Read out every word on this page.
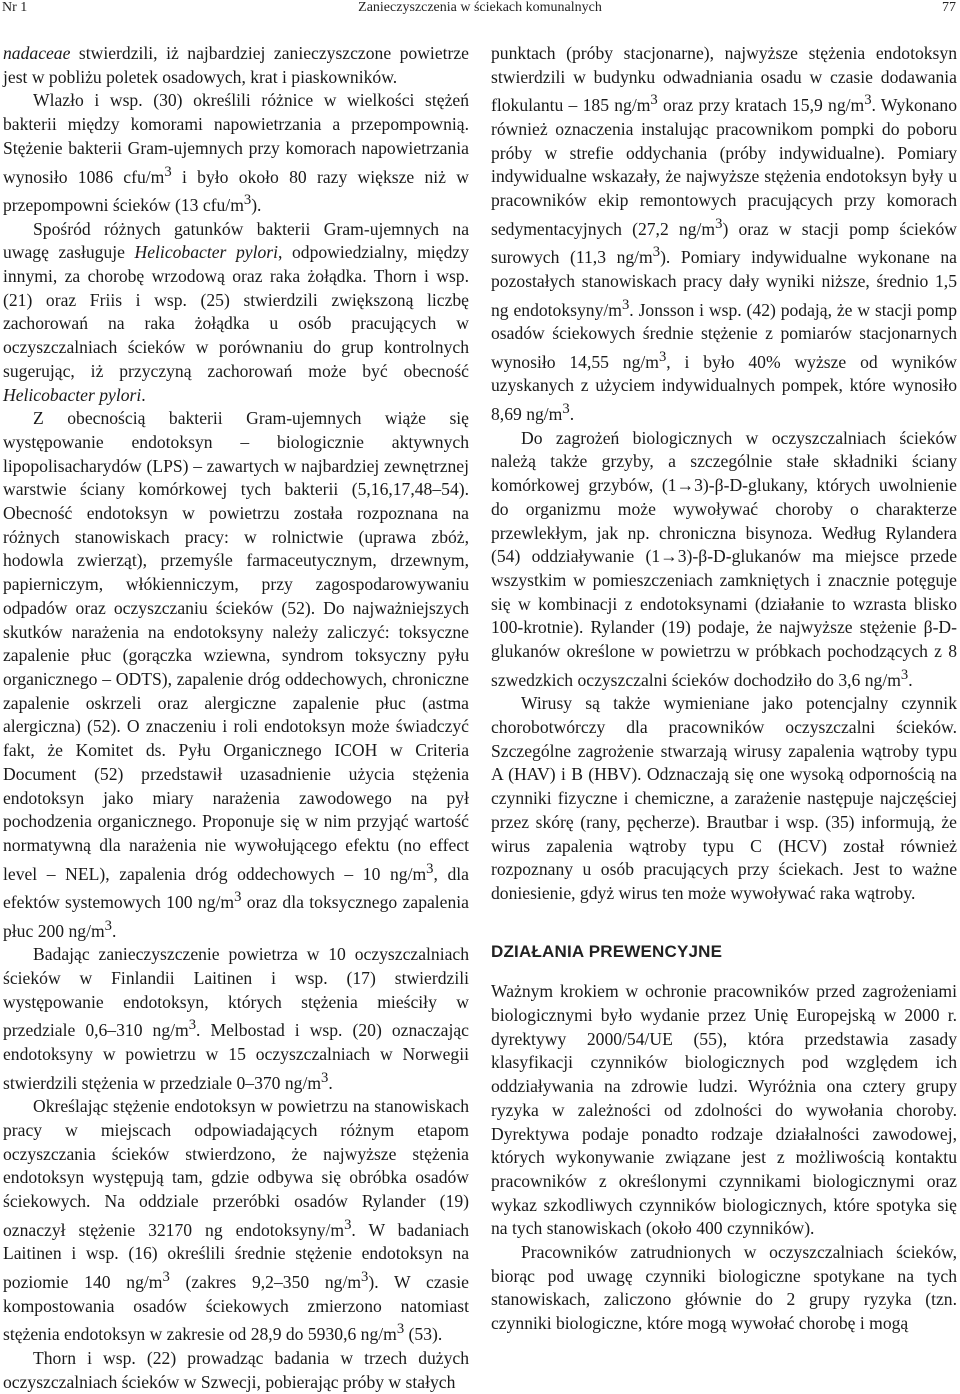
Nr 1	Zanieczyszczenia w ściekach komunalnych	77

nadaceae stwierdzili, iż najbardziej zanieczyszczone powietrze jest w pobliżu poletek osadowych, krat i piaskowników.

Wlazło i wsp. (30) określili różnice w wielkości stężeń bakterii między komorami napowietrzania a przepompownią. Stężenie bakterii Gram-ujemnych przy komorach napowietrzania wynosiło 1086 cfu/$m^3$ i było około 80 razy większe niż w przepompowni ścieków (13 cfu/$m^3$).

Spośród różnych gatunków bakterii Gram-ujemnych na uwagę zasługuje Helicobacter pylori, odpowiedzialny, między innymi, za chorobę wrzodową oraz raka żołądka. Thorn i wsp. (21) oraz Friis i wsp. (25) stwierdzili zwiększoną liczbę zachorowań na raka żołądka u osób pracujących w oczyszczalniach ścieków w porównaniu do grup kontrolnych sugerując, iż przyczyną zachorowań może być obecność Helicobacter pylori.

Z obecnością bakterii Gram-ujemnych wiąże się występowanie endotoksyn – biologicznie aktywnych lipopolisacharydów (LPS) – zawartych w najbardziej zewnętrznej warstwie ściany komórkowej tych bakterii (5,16,17,48–54). Obecność endotoksyn w powietrzu została rozpoznana na różnych stanowiskach pracy: w rolnictwie (uprawa zbóż, hodowla zwierząt), przemyśle farmaceutycznym, drzewnym, papierniczym, włókienniczym, przy zagospodarowywaniu odpadów oraz oczyszczaniu ścieków (52). Do najważniejszych skutków narażenia na endotoksyny należy zaliczyć: toksyczne zapalenie płuc (gorączka wziewna, syndrom toksyczny pyłu organicznego – ODTS), zapalenie dróg oddechowych, chroniczne zapalenie oskrzeli oraz alergiczne zapalenie płuc (astma alergiczna) (52). O znaczeniu i roli endotoksyn może świadczyć fakt, że Komitet ds. Pyłu Organicznego ICOH w Criteria Document (52) przedstawił uzasadnienie użycia stężenia endotoksyn jako miary narażenia zawodowego na pył pochodzenia organicznego. Proponuje się w nim przyjąć wartość normatywną dla narażenia nie wywołującego efektu (no effect level – NEL), zapalenia dróg oddechowych – 10 $ng/m^3$, dla efektów systemowych 100 $ng/m^3$ oraz dla toksycznego zapalenia płuc 200 $ng/m^3$.

Badając zanieczyszczenie powietrza w 10 oczyszczalniach ścieków w Finlandii Laitinen i wsp. (17) stwierdzili występowanie endotoksyn, których stężenia mieściły w przedziale 0,6–310 $ng/m^3$. Melbostad i wsp. (20) oznaczając endotoksyny w powietrzu w 15 oczyszczalniach w Norwegii stwierdzili stężenia w przedziale 0–370 $ng/m^3$.

Określając stężenie endotoksyn w powietrzu na stanowiskach pracy w miejscach odpowiadających różnym etapom oczyszczania ścieków stwierdzono, że najwyższe stężenia endotoksyn występują tam, gdzie odbywa się obróbka osadów ściekowych. Na oddziale przeróbki osadów Rylander (19) oznaczył stężenie 32170 ng endotoksyny/$m^3$. W badaniach Laitinen i wsp. (16) określili średnie stężenie endotoksyn na poziomie 140 $ng/m^3$ (zakres 9,2–350 $ng/m^3$). W czasie kompostowania osadów ściekowych zmierzono natomiast stężenia endotoksyn w zakresie od 28,9 do 5930,6 $ng/m^3$ (53).

Thorn i wsp. (22) prowadząc badania w trzech dużych oczyszczalniach ścieków w Szwecji, pobierając próby w stałych

punktach (próby stacjonarne), najwyższe stężenia endotoksyn stwierdzili w budynku odwadniania osadu w czasie dodawania flokulantu – 185 $ng/m^3$ oraz przy kratach 15,9 $ng/m^3$. Wykonano również oznaczenia instalując pracownikom pompki do poboru próby w strefie oddychania (próby indywidualne). Pomiary indywidualne wskazały, że najwyższe stężenia endotoksyn były u pracowników ekip remontowych pracujących przy komorach sedymentacyjnych (27,2 $ng/m^3$) oraz w stacji pomp ścieków surowych (11,3 $ng/m^3$). Pomiary indywidualne wykonane na pozostałych stanowiskach pracy dały wyniki niższe, średnio 1,5 ng endotoksyny/$m^3$. Jonsson i wsp. (42) podają, że w stacji pomp osadów ściekowych średnie stężenie z pomiarów stacjonarnych wynosiło 14,55 $ng/m^3$, i było 40% wyższe od wyników uzyskanych z użyciem indywidualnych pompek, które wynosiło 8,69 $ng/m^3$.

Do zagrożeń biologicznych w oczyszczalniach ścieków należą także grzyby, a szczególnie stałe składniki ściany komórkowej grzybów, (1→3)-β-D-glukany, których uwolnienie do organizmu może wywoływać choroby o charakterze przewlekłym, jak np. chroniczna bisynoza. Według Rylandera (54) oddziaływanie (1→3)-β-D-glukanów ma miejsce przede wszystkim w pomieszczeniach zamkniętych i znacznie potęguje się w kombinacji z endotoksynami (działanie to wzrasta blisko 100-krotnie). Rylander (19) podaje, że najwyższe stężenie β-D-glukanów określone w powietrzu w próbkach pochodzących z 8 szwedzkich oczyszczalni ścieków dochodziło do 3,6 $ng/m^3$.

Wirusy są także wymieniane jako potencjalny czynnik chorobotwórczy dla pracowników oczyszczalni ścieków. Szczególne zagrożenie stwarzają wirusy zapalenia wątroby typu A (HAV) i B (HBV). Odznaczają się one wysoką odpornością na czynniki fizyczne i chemiczne, a zarażenie następuje najczęściej przez skórę (rany, pęcherze). Brautbar i wsp. (35) informują, że wirus zapalenia wątroby typu C (HCV) został również rozpoznany u osób pracujących przy ściekach. Jest to ważne doniesienie, gdyż wirus ten może wywoływać raka wątroby.

DZIAŁANIA PREWENCYJNE

Ważnym krokiem w ochronie pracowników przed zagrożeniami biologicznymi było wydanie przez Unię Europejską w 2000 r. dyrektywy 2000/54/UE (55), która przedstawia zasady klasyfikacji czynników biologicznych pod względem ich oddziaływania na zdrowie ludzi. Wyróżnia ona cztery grupy ryzyka w zależności od zdolności do wywołania choroby. Dyrektywa podaje ponadto rodzaje działalności zawodowej, których wykonywanie związane jest z możliwością kontaktu pracowników z określonymi czynnikami biologicznymi oraz wykaz szkodliwych czynników biologicznych, które spotyka się na tych stanowiskach (około 400 czynników).

Pracowników zatrudnionych w oczyszczalniach ścieków, biorąc pod uwagę czynniki biologiczne spotykane na tych stanowiskach, zaliczono głównie do 2 grupy ryzyka (tzn. czynniki biologiczne, które mogą wywołać chorobę i mogą
